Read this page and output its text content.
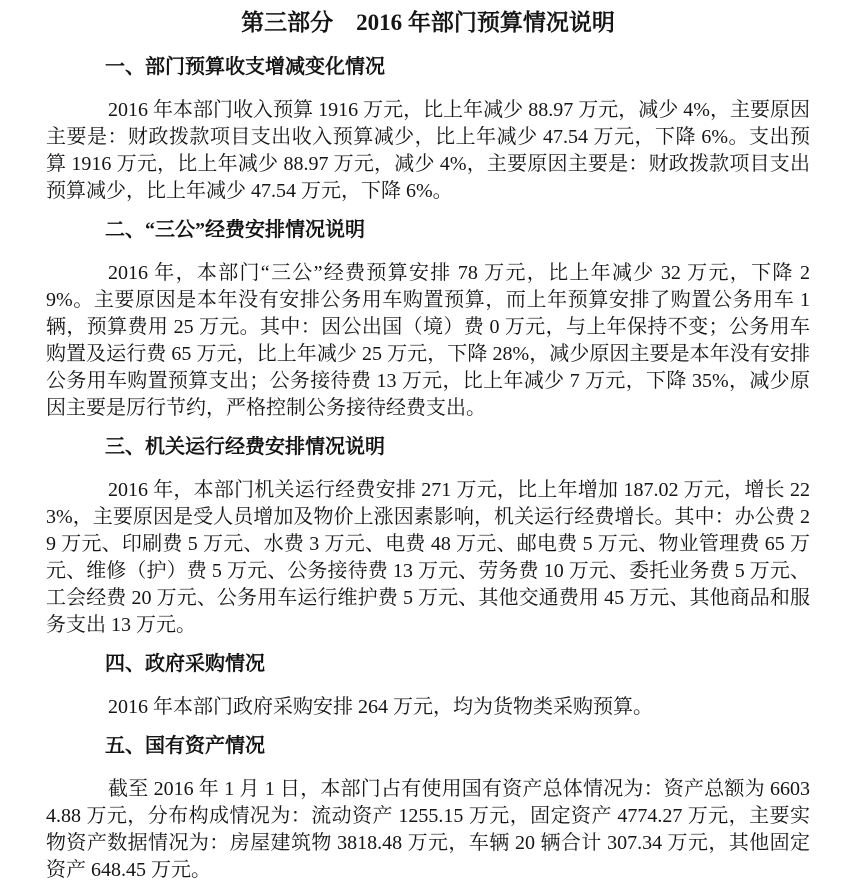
第三部分　2016 年部门预算情况说明
一、部门预算收支增减变化情况

2016 年本部门收入预算 1916 万元，比上年减少 88.97 万元，减少 4%，主要原因主要是：财政拨款项目支出收入预算减少，比上年减少 47.54 万元，下降 6%。支出预算 1916 万元，比上年减少 88.97 万元，减少 4%，主要原因主要是：财政拨款项目支出预算减少，比上年减少 47.54 万元，下降 6%。

二、“三公”经费安排情况说明

2016 年，本部门“三公”经费预算安排 78 万元，比上年减少 32 万元，下降 29%。主要原因是本年没有安排公务用车购置预算，而上年预算安排了购置公务用车 1 辆，预算费用 25 万元。其中：因公出国（境）费 0 万元，与上年保持不变；公务用车购置及运行费 65 万元，比上年减少 25 万元，下降 28%，减少原因主要是本年没有安排公务用车购置预算支出；公务接待费 13 万元，比上年减少 7 万元，下降 35%，减少原因主要是厉行节约，严格控制公务接待经费支出。

三、机关运行经费安排情况说明

2016 年，本部门机关运行经费安排 271 万元，比上年增加 187.02 万元，增长 223%，主要原因是受人员增加及物价上涨因素影响，机关运行经费增长。其中：办公费 29 万元、印刷费 5 万元、水费 3 万元、电费 48 万元、邮电费 5 万元、物业管理费 65 万元、维修（护）费 5 万元、公务接待费 13 万元、劳务费 10 万元、委托业务费 5 万元、工会经费 20 万元、公务用车运行维护费 5 万元、其他交通费用 45 万元、其他商品和服务支出 13 万元。

四、政府采购情况

2016 年本部门政府采购安排 264 万元，均为货物类采购预算。

五、国有资产情况

截至 2016 年 1 月 1 日，本部门占有使用国有资产总体情况为：资产总额为 66034.88 万元，分布构成情况为：流动资产 1255.15 万元，固定资产 4774.27 万元，主要实物资产数据情况为：房屋建筑物 3818.48 万元，车辆 20 辆合计 307.34 万元，其他固定资产 648.45 万元。
